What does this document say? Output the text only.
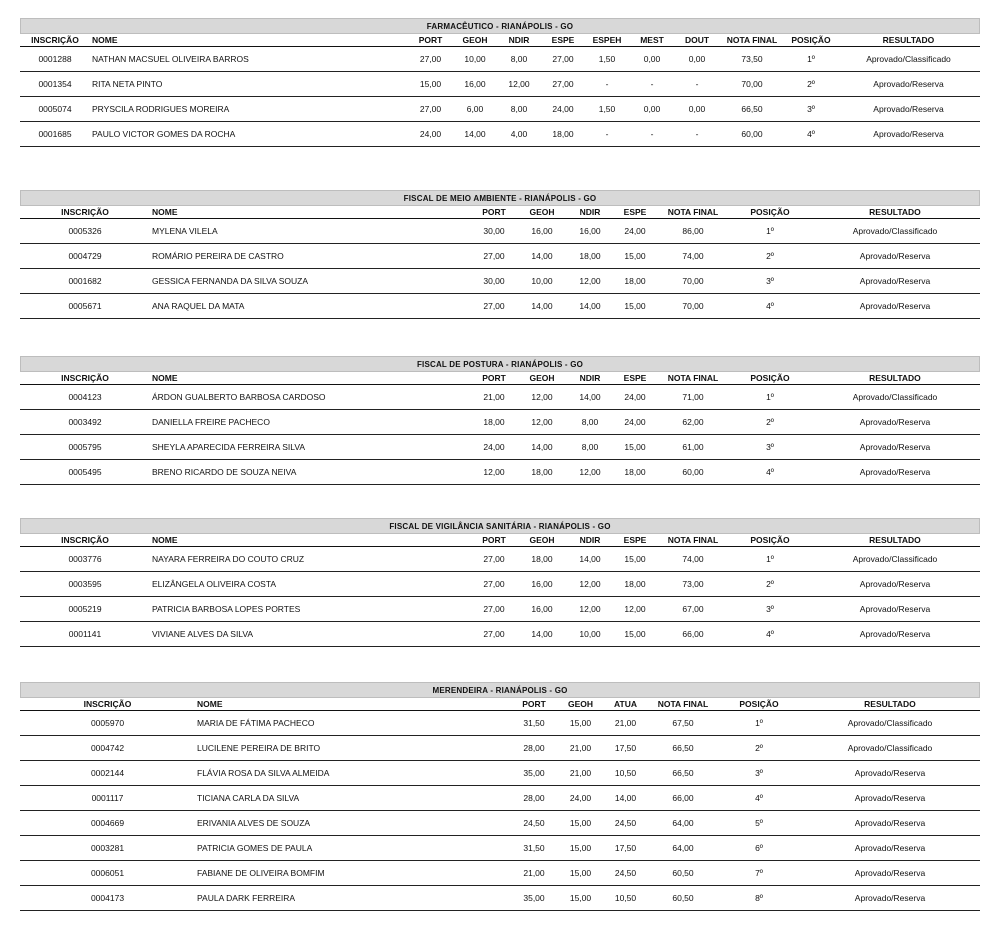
FARMACÊUTICO - RIANÁPOLIS - GO
INSCRIÇÃO	NOME	PORT	GEOH	NDIR	ESPE	ESPEH	MEST	DOUT	NOTA FINAL	POSIÇÃO	RESULTADO
0001288	NATHAN MACSUEL OLIVEIRA BARROS	27,00	10,00	8,00	27,00	1,50	0,00	0,00	73,50	1º	Aprovado/Classificado
0001354	RITA NETA PINTO	15,00	16,00	12,00	27,00	-	-	-	70,00	2º	Aprovado/Reserva
0005074	PRYSCILA RODRIGUES MOREIRA	27,00	6,00	8,00	24,00	1,50	0,00	0,00	66,50	3º	Aprovado/Reserva
0001685	PAULO VICTOR GOMES DA ROCHA	24,00	14,00	4,00	18,00	-	-	-	60,00	4º	Aprovado/Reserva
FISCAL DE MEIO AMBIENTE - RIANÁPOLIS - GO
INSCRIÇÃO	NOME	PORT	GEOH	NDIR	ESPE	NOTA FINAL	POSIÇÃO	RESULTADO
0005326	MYLENA VILELA	30,00	16,00	16,00	24,00	86,00	1º	Aprovado/Classificado
0004729	ROMÁRIO PEREIRA DE CASTRO	27,00	14,00	18,00	15,00	74,00	2º	Aprovado/Reserva
0001682	GESSICA FERNANDA DA SILVA SOUZA	30,00	10,00	12,00	18,00	70,00	3º	Aprovado/Reserva
0005671	ANA RAQUEL DA MATA	27,00	14,00	14,00	15,00	70,00	4º	Aprovado/Reserva
FISCAL DE POSTURA - RIANÁPOLIS - GO
INSCRIÇÃO	NOME	PORT	GEOH	NDIR	ESPE	NOTA FINAL	POSIÇÃO	RESULTADO
0004123	ÁRDON GUALBERTO BARBOSA CARDOSO	21,00	12,00	14,00	24,00	71,00	1º	Aprovado/Classificado
0003492	DANIELLA FREIRE PACHECO	18,00	12,00	8,00	24,00	62,00	2º	Aprovado/Reserva
0005795	SHEYLA APARECIDA FERREIRA SILVA	24,00	14,00	8,00	15,00	61,00	3º	Aprovado/Reserva
0005495	BRENO RICARDO DE SOUZA NEIVA	12,00	18,00	12,00	18,00	60,00	4º	Aprovado/Reserva
FISCAL DE VIGILÂNCIA SANITÁRIA - RIANÁPOLIS - GO
INSCRIÇÃO	NOME	PORT	GEOH	NDIR	ESPE	NOTA FINAL	POSIÇÃO	RESULTADO
0003776	NAYARA FERREIRA DO COUTO CRUZ	27,00	18,00	14,00	15,00	74,00	1º	Aprovado/Classificado
0003595	ELIZÂNGELA OLIVEIRA COSTA	27,00	16,00	12,00	18,00	73,00	2º	Aprovado/Reserva
0005219	PATRICIA BARBOSA LOPES PORTES	27,00	16,00	12,00	12,00	67,00	3º	Aprovado/Reserva
0001141	VIVIANE ALVES DA SILVA	27,00	14,00	10,00	15,00	66,00	4º	Aprovado/Reserva
MERENDEIRA - RIANÁPOLIS - GO
INSCRIÇÃO	NOME	PORT	GEOH	ATUA	NOTA FINAL	POSIÇÃO	RESULTADO
0005970	MARIA DE FÁTIMA PACHECO	31,50	15,00	21,00	67,50	1º	Aprovado/Classificado
0004742	LUCILENE PEREIRA DE BRITO	28,00	21,00	17,50	66,50	2º	Aprovado/Classificado
0002144	FLÁVIA ROSA DA SILVA ALMEIDA	35,00	21,00	10,50	66,50	3º	Aprovado/Reserva
0001117	TICIANA CARLA DA SILVA	28,00	24,00	14,00	66,00	4º	Aprovado/Reserva
0004669	ERIVANIA ALVES DE SOUZA	24,50	15,00	24,50	64,00	5º	Aprovado/Reserva
0003281	PATRICIA GOMES DE PAULA	31,50	15,00	17,50	64,00	6º	Aprovado/Reserva
0006051	FABIANE DE OLIVEIRA BOMFIM	21,00	15,00	24,50	60,50	7º	Aprovado/Reserva
0004173	PAULA DARK FERREIRA	35,00	15,00	10,50	60,50	8º	Aprovado/Reserva
